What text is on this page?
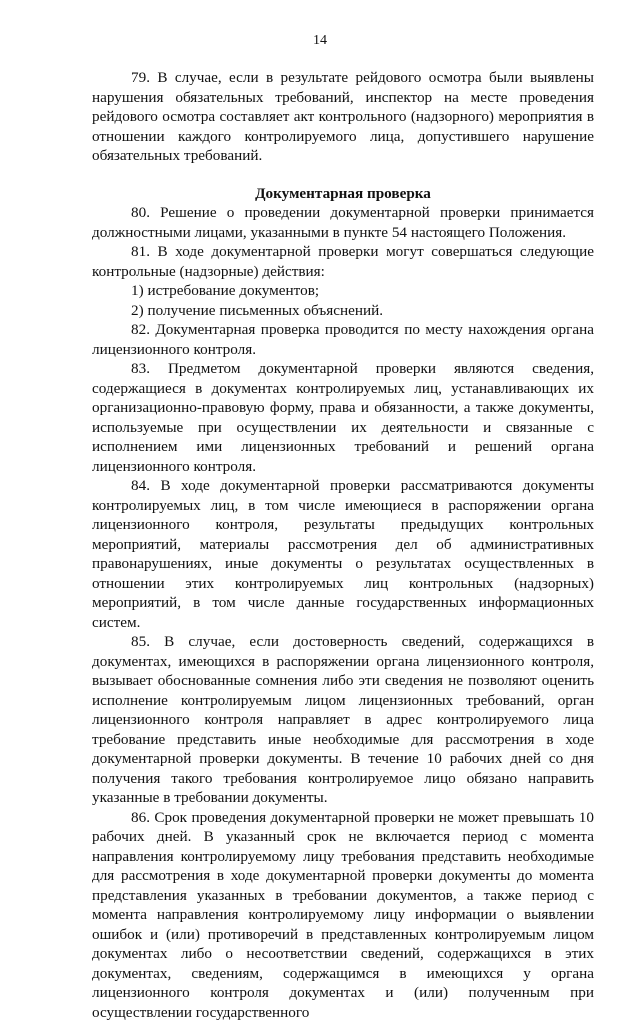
14

79. В случае, если в результате рейдового осмотра были выявлены нарушения обязательных требований, инспектор на месте проведения рейдового осмотра составляет акт контрольного (надзорного) мероприятия в отношении каждого контролируемого лица, допустившего нарушение обязательных требований.

Документарная проверка

80. Решение о проведении документарной проверки принимается должностными лицами, указанными в пункте 54 настоящего Положения.

81. В ходе документарной проверки могут совершаться следующие контрольные (надзорные) действия:

1) истребование документов;

2) получение письменных объяснений.

82. Документарная проверка проводится по месту нахождения органа лицензионного контроля.

83. Предметом документарной проверки являются сведения, содержащиеся в документах контролируемых лиц, устанавливающих их организационно-правовую форму, права и обязанности, а также документы, используемые при осуществлении их деятельности и связанные с исполнением ими лицензионных требований и решений органа лицензионного контроля.

84. В ходе документарной проверки рассматриваются документы контролируемых лиц, в том числе имеющиеся в распоряжении органа лицензионного контроля, результаты предыдущих контрольных мероприятий, материалы рассмотрения дел об административных правонарушениях, иные документы о результатах осуществленных в отношении этих контролируемых лиц контрольных (надзорных) мероприятий, в том числе данные государственных информационных систем.

85. В случае, если достоверность сведений, содержащихся в документах, имеющихся в распоряжении органа лицензионного контроля, вызывает обоснованные сомнения либо эти сведения не позволяют оценить исполнение контролируемым лицом лицензионных требований, орган лицензионного контроля направляет в адрес контролируемого лица требование представить иные необходимые для рассмотрения в ходе документарной проверки документы. В течение 10 рабочих дней со дня получения такого требования контролируемое лицо обязано направить указанные в требовании документы.

86. Срок проведения документарной проверки не может превышать 10 рабочих дней. В указанный срок не включается период с момента направления контролируемому лицу требования представить необходимые для рассмотрения в ходе документарной проверки документы до момента представления указанных в требовании документов, а также период с момента направления контролируемому лицу информации о выявлении ошибок и (или) противоречий в представленных контролируемым лицом документах либо о несоответствии сведений, содержащихся в этих документах, сведениям, содержащимся в имеющихся у органа лицензионного контроля документах и (или) полученным при осуществлении государственного
